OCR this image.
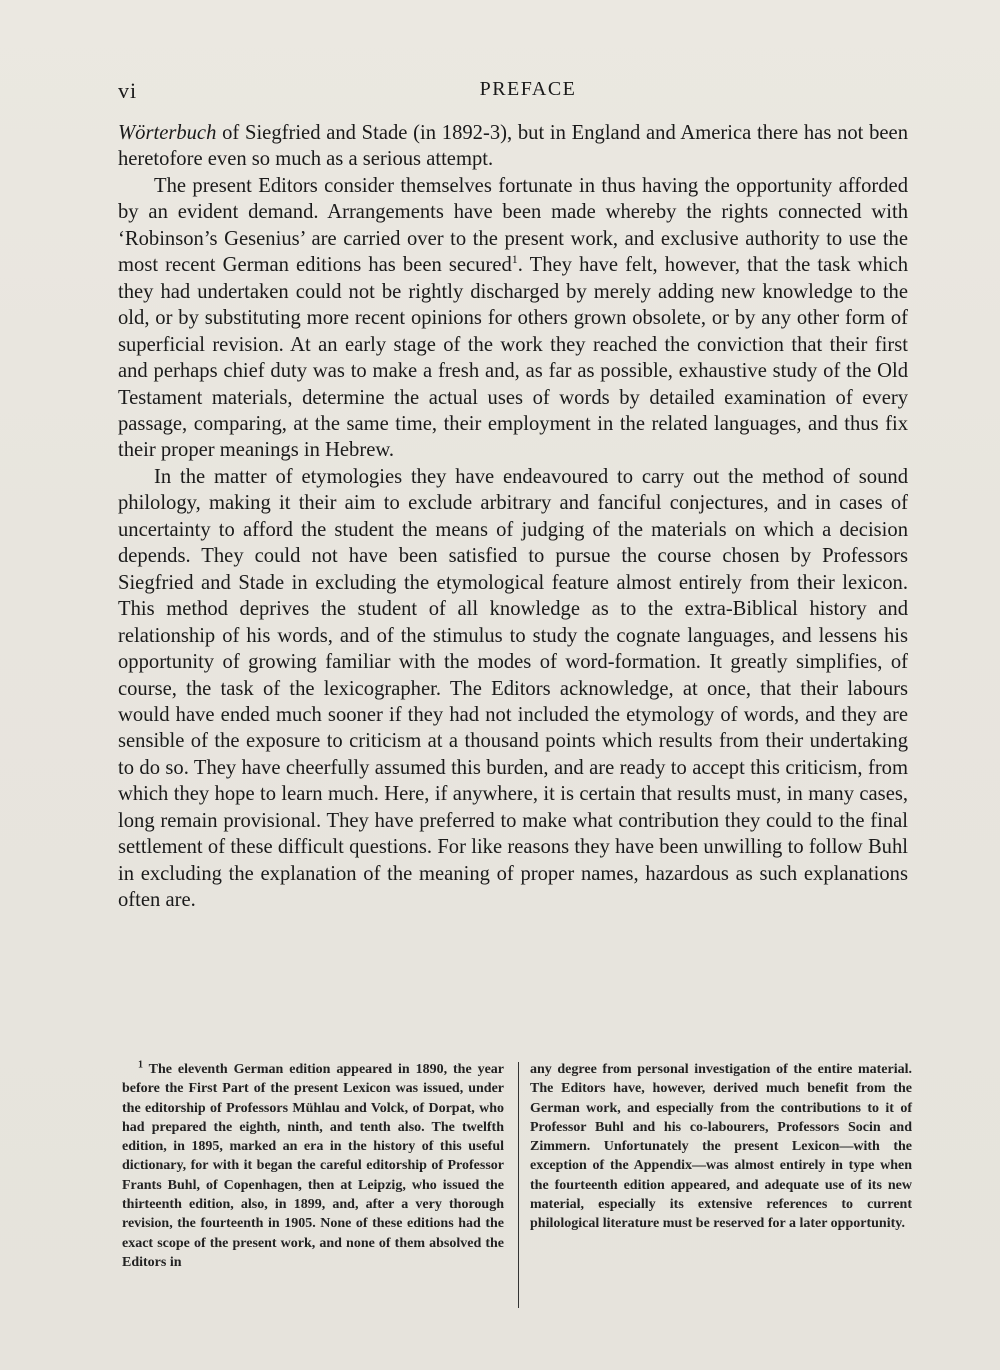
vi	PREFACE

Wörterbuch of Siegfried and Stade (in 1892-3), but in England and America there has not been heretofore even so much as a serious attempt.

The present Editors consider themselves fortunate in thus having the opportunity afforded by an evident demand. Arrangements have been made whereby the rights connected with ‘Robinson’s Gesenius’ are carried over to the present work, and exclusive authority to use the most recent German editions has been secured$^1$. They have felt, however, that the task which they had undertaken could not be rightly discharged by merely adding new knowledge to the old, or by substituting more recent opinions for others grown obsolete, or by any other form of superficial revision. At an early stage of the work they reached the conviction that their first and perhaps chief duty was to make a fresh and, as far as possible, exhaustive study of the Old Testament materials, determine the actual uses of words by detailed examination of every passage, comparing, at the same time, their employment in the related languages, and thus fix their proper meanings in Hebrew.

In the matter of etymologies they have endeavoured to carry out the method of sound philology, making it their aim to exclude arbitrary and fanciful conjectures, and in cases of uncertainty to afford the student the means of judging of the materials on which a decision depends. They could not have been satisfied to pursue the course chosen by Professors Siegfried and Stade in excluding the etymological feature almost entirely from their lexicon. This method deprives the student of all knowledge as to the extra-Biblical history and relationship of his words, and of the stimulus to study the cognate languages, and lessens his opportunity of growing familiar with the modes of word-formation. It greatly simplifies, of course, the task of the lexicographer. The Editors acknowledge, at once, that their labours would have ended much sooner if they had not included the etymology of words, and they are sensible of the exposure to criticism at a thousand points which results from their undertaking to do so. They have cheerfully assumed this burden, and are ready to accept this criticism, from which they hope to learn much. Here, if anywhere, it is certain that results must, in many cases, long remain provisional. They have preferred to make what contribution they could to the final settlement of these difficult questions. For like reasons they have been unwilling to follow Buhl in excluding the explanation of the meaning of proper names, hazardous as such explanations often are.

$^1$ The eleventh German edition appeared in 1890, the year before the First Part of the present Lexicon was issued, under the editorship of Professors Mühlau and Volck, of Dorpat, who had prepared the eighth, ninth, and tenth also. The twelfth edition, in 1895, marked an era in the history of this useful dictionary, for with it began the careful editorship of Professor Frants Buhl, of Copenhagen, then at Leipzig, who issued the thirteenth edition, also, in 1899, and, after a very thorough revision, the fourteenth in 1905. None of these editions had the exact scope of the present work, and none of them absolved the Editors in

any degree from personal investigation of the entire material. The Editors have, however, derived much benefit from the German work, and especially from the contributions to it of Professor Buhl and his co-labourers, Professors Socin and Zimmern. Unfortunately the present Lexicon—with the exception of the Appendix—was almost entirely in type when the fourteenth edition appeared, and adequate use of its new material, especially its extensive references to current philological literature must be reserved for a later opportunity.
